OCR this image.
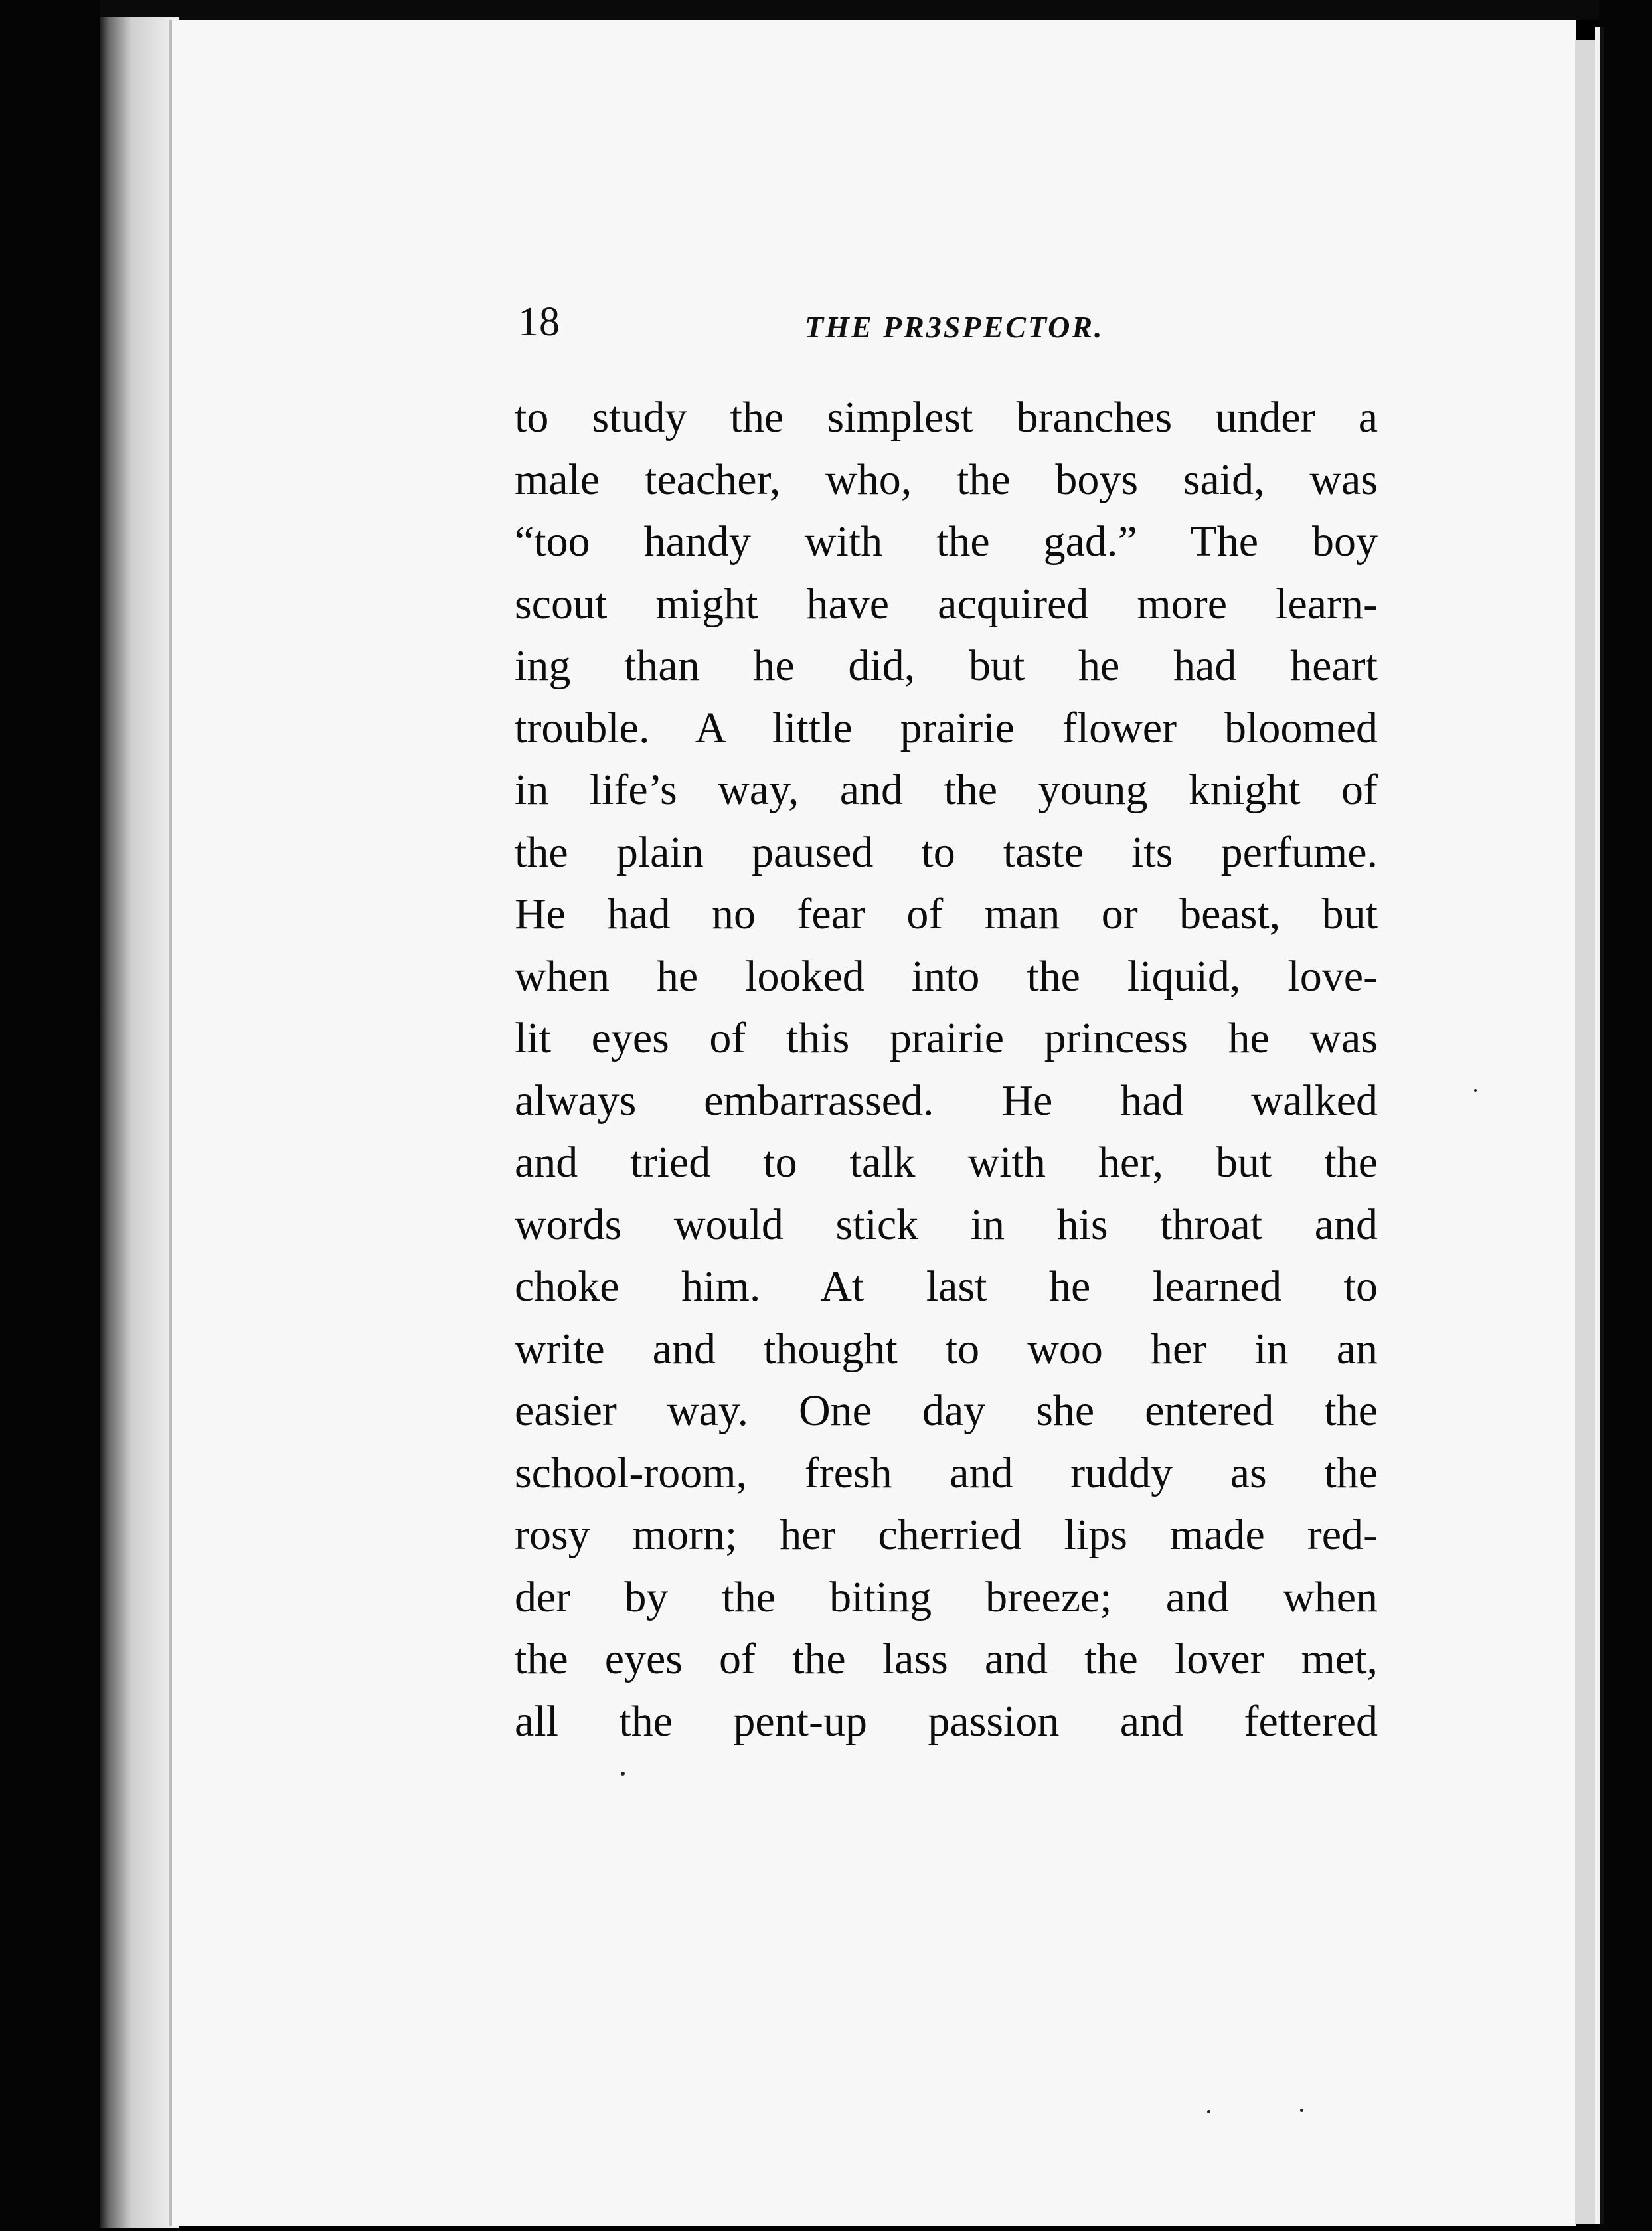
18	THE PR3SPECTOR.
to study the simplest branches under a
male teacher, who, the boys said, was
“too handy with the gad.” The boy
scout might have acquired more learn-
ing than he did, but he had heart
trouble. A little prairie flower bloomed
in life’s way, and the young knight of
the plain paused to taste its perfume.
He had no fear of man or beast, but
when he looked into the liquid, love-
lit eyes of this prairie princess he was
always embarrassed. He had walked
and tried to talk with her, but the
words would stick in his throat and
choke him. At last he learned to
write and thought to woo her in an
easier way. One day she entered the
school-room, fresh and ruddy as the
rosy morn; her cherried lips made red-
der by the biting breeze; and when
the eyes of the lass and the lover met,
all the pent-up passion and fettered
